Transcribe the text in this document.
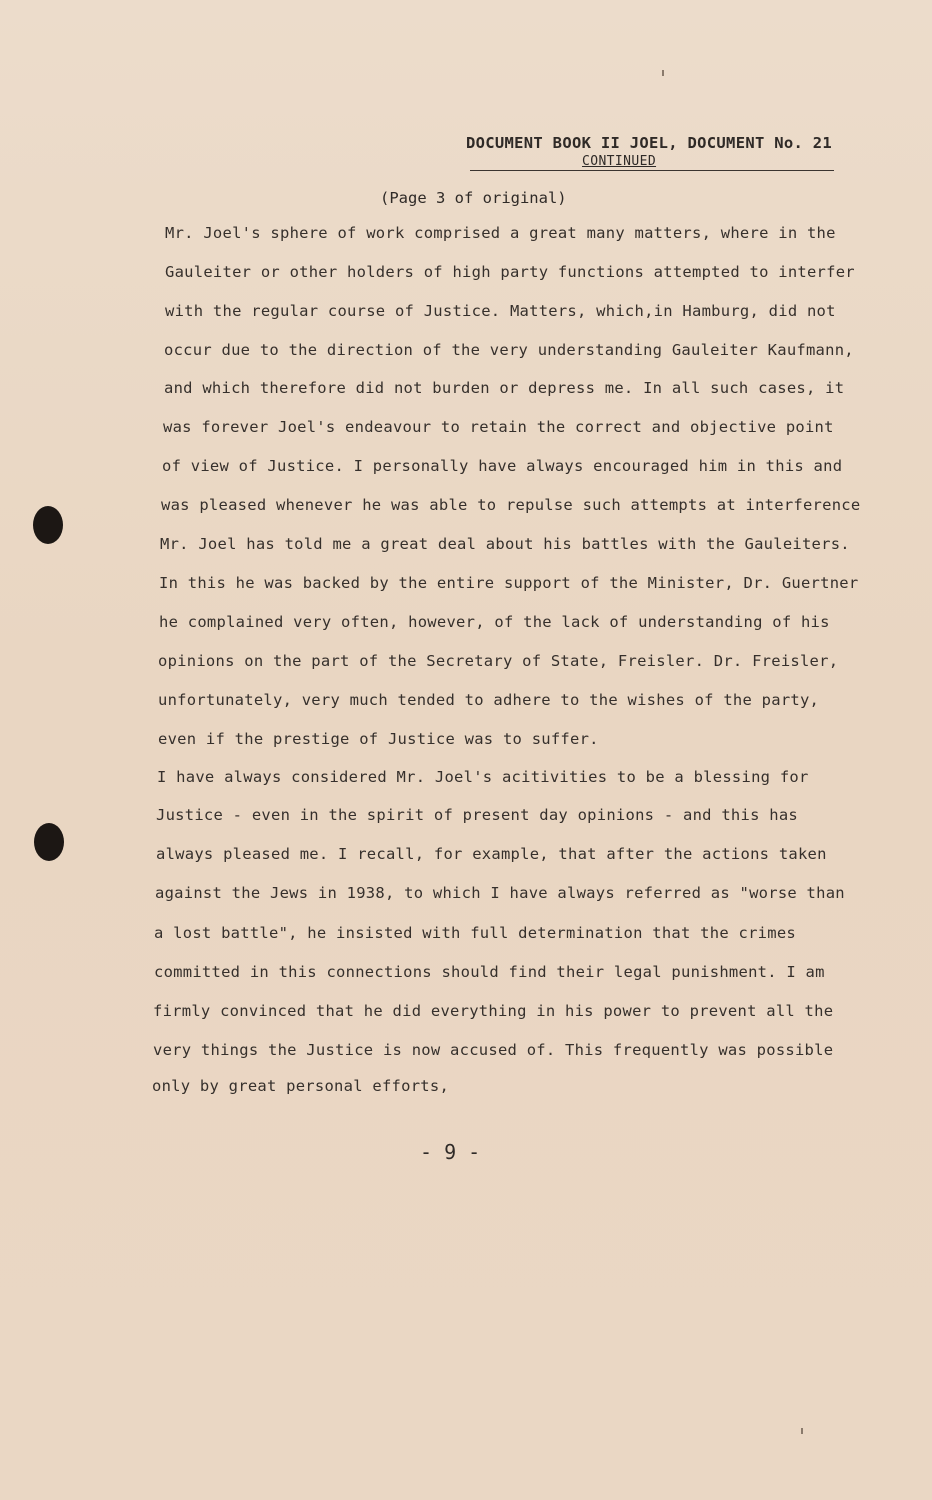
DOCUMENT BOOK II JOEL, DOCUMENT No. 21
CONTINUED
(Page 3 of original)
Mr. Joel's sphere of work comprised a great many matters, where in the
Gauleiter or other holders of high party functions attempted to interfer
with the regular course of Justice. Matters, which,in Hamburg, did not
occur due to the direction of the very understanding Gauleiter Kaufmann,
and which therefore did not burden or depress me. In all such cases, it
was forever Joel's endeavour to retain the correct and objective point
of view of Justice. I personally have always encouraged him in this and
was pleased whenever he was able to repulse such attempts at interference
Mr. Joel has told me a great deal about his battles with the Gauleiters.
In this he was backed by the entire support of the Minister, Dr. Guertner
he complained very often, however, of the lack of understanding of his
opinions on the part of the Secretary of State, Freisler. Dr. Freisler,
unfortunately, very much tended to adhere to the wishes of the party,
even if the prestige of Justice was to suffer.
I have always considered Mr. Joel's acitivities to be a blessing for
Justice - even in the spirit of present day opinions - and this has
always pleased me. I recall, for example, that after the actions taken
against the Jews in 1938, to which I have always referred as "worse than
a lost battle", he insisted with full determination that the crimes
committed in this connections should find their legal punishment. I am
firmly convinced that he did everything in his power to prevent all the
very things the Justice is now accused of. This frequently was possible
only by great personal efforts,
- 9 -
